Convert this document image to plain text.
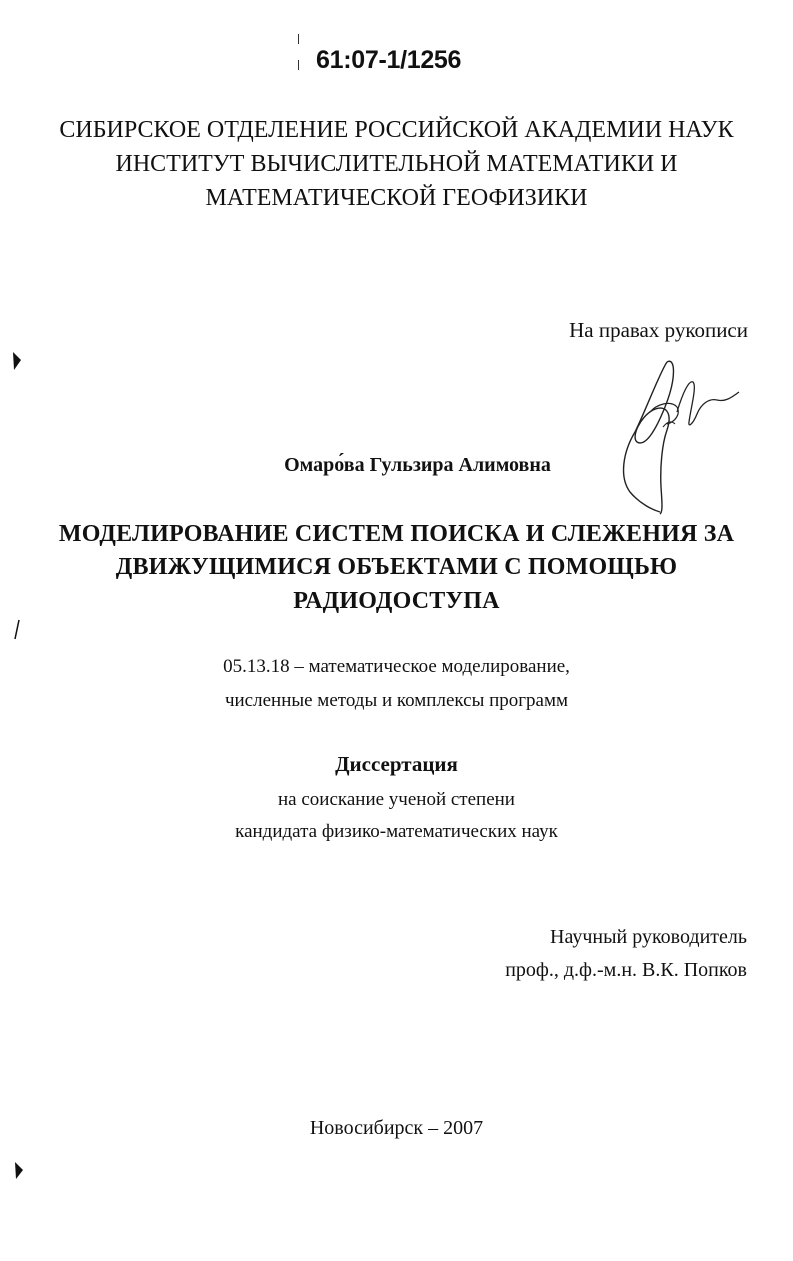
61:07-1/1256
СИБИРСКОЕ ОТДЕЛЕНИЕ РОССИЙСКОЙ АКАДЕМИИ НАУК
ИНСТИТУТ ВЫЧИСЛИТЕЛЬНОЙ МАТЕМАТИКИ И
МАТЕМАТИЧЕСКОЙ ГЕОФИЗИКИ
На правах рукописи
Омаро́ва Гульзира Алимовна
МОДЕЛИРОВАНИЕ СИСТЕМ ПОИСКА И СЛЕЖЕНИЯ ЗА
ДВИЖУЩИМИСЯ ОБЪЕКТАМИ С ПОМОЩЬЮ
РАДИОДОСТУПА
05.13.18 – математическое моделирование,
численные методы и комплексы программ
Диссертация
на соискание ученой степени
кандидата физико-математических наук
Научный руководитель
проф., д.ф.-м.н. В.К. Попков
Новосибирск – 2007
